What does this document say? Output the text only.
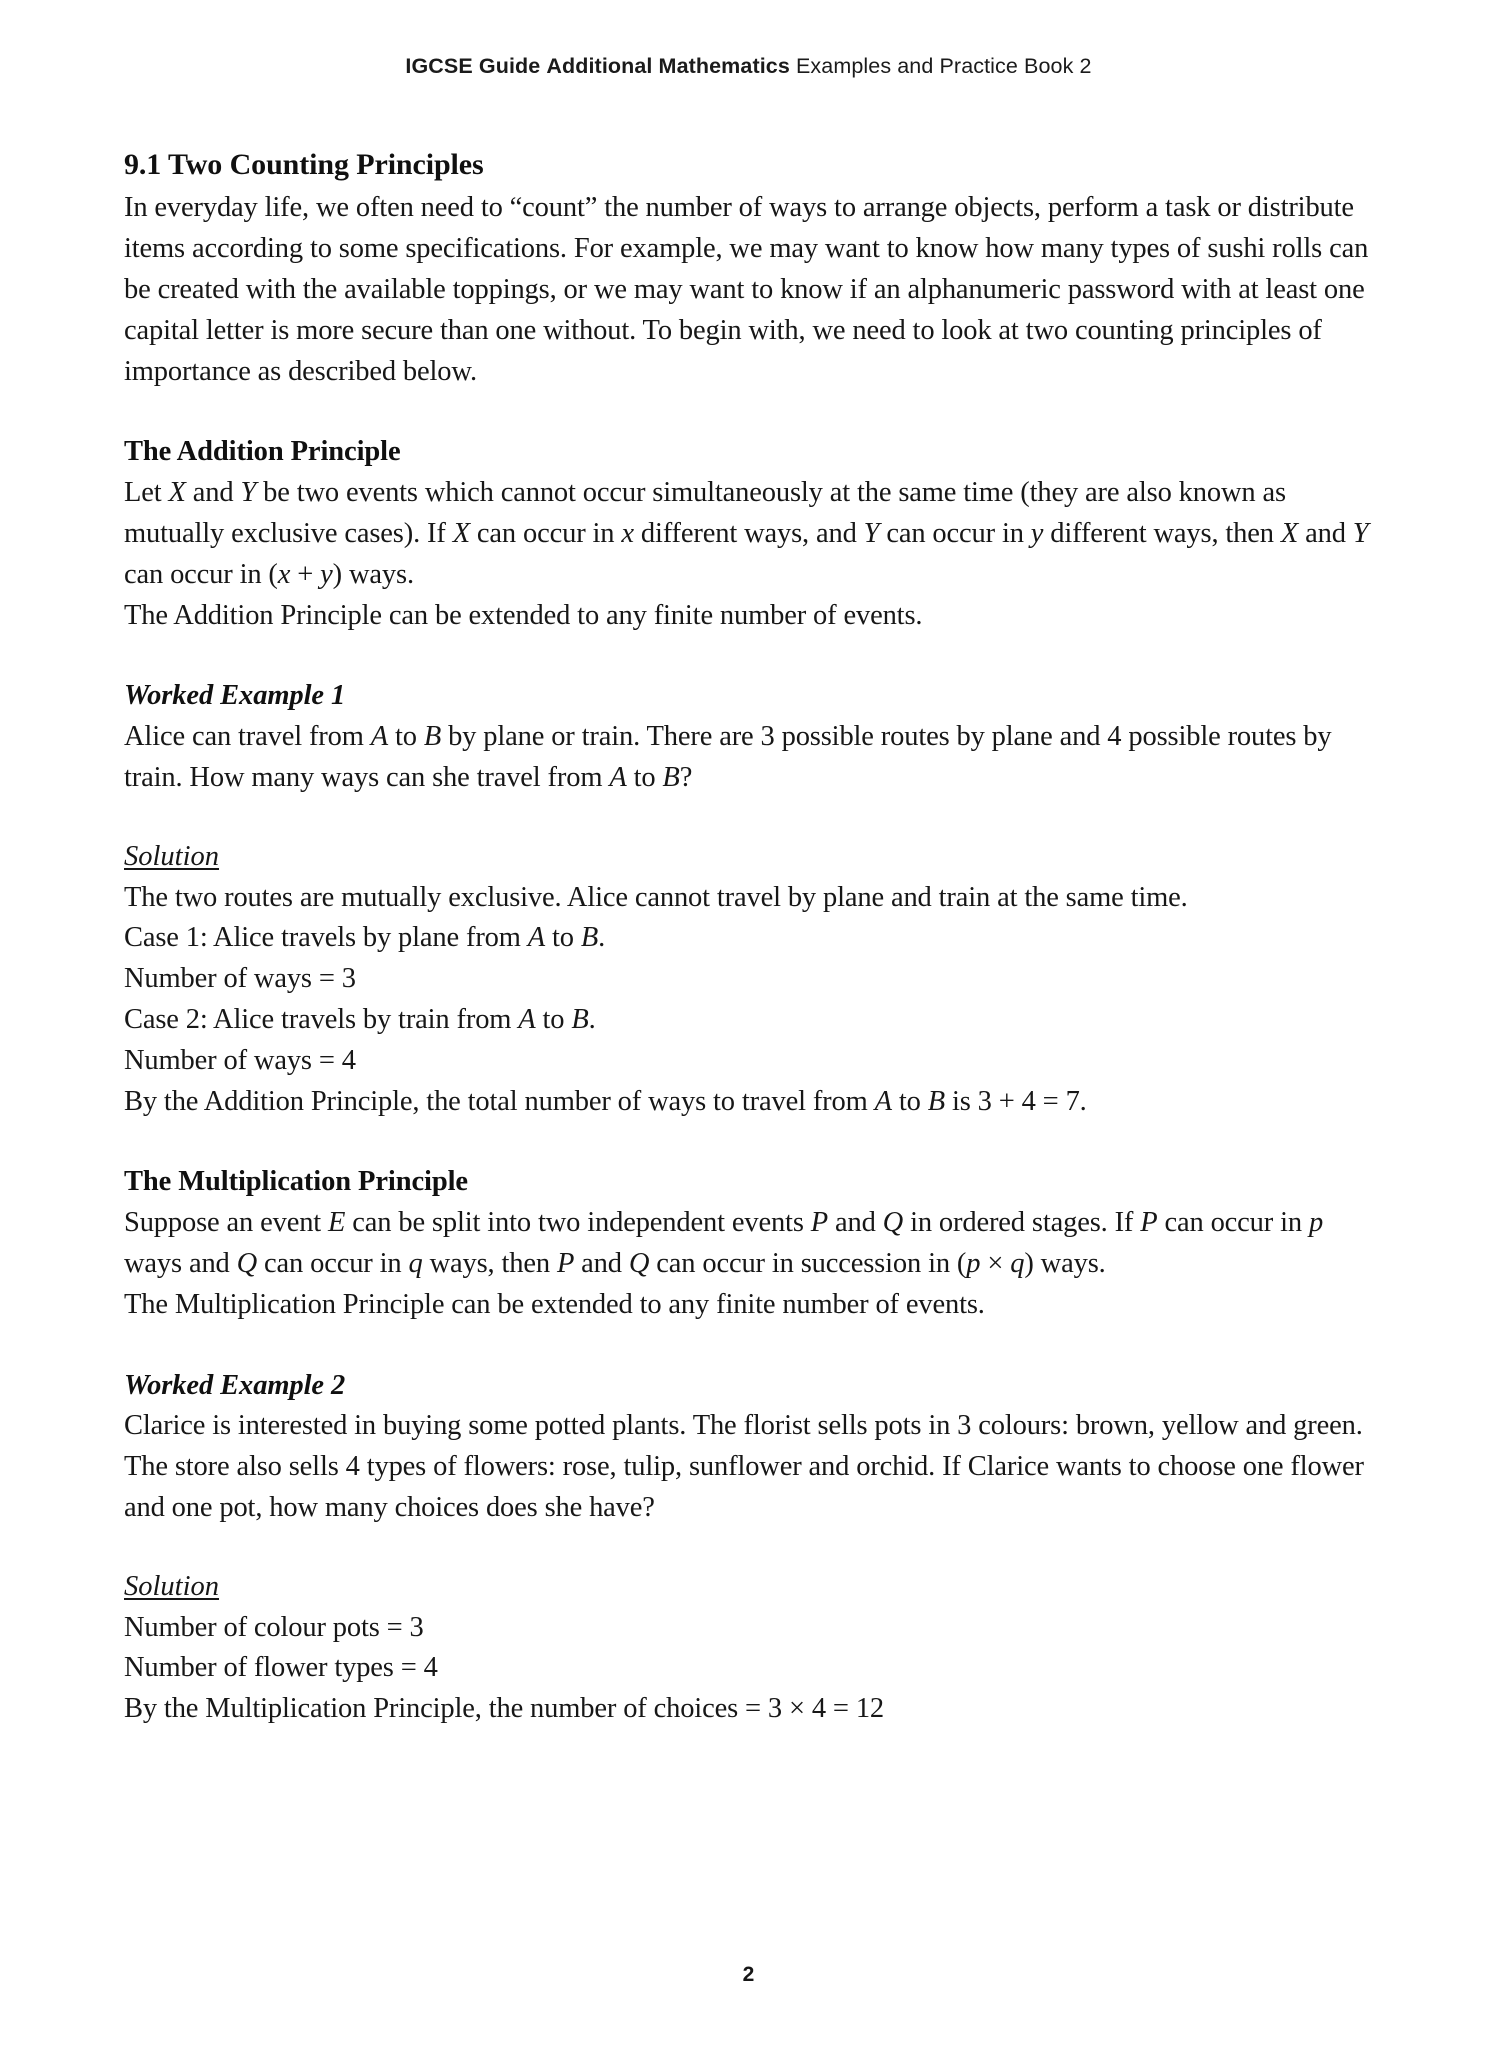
IGCSE Guide Additional Mathematics Examples and Practice Book 2
9.1 Two Counting Principles

In everyday life, we often need to “count” the number of ways to arrange objects, perform a task or distribute items according to some specifications. For example, we may want to know how many types of sushi rolls can be created with the available toppings, or we may want to know if an alphanumeric password with at least one capital letter is more secure than one without. To begin with, we need to look at two counting principles of importance as described below.

The Addition Principle
Let X and Y be two events which cannot occur simultaneously at the same time (they are also known as mutually exclusive cases). If X can occur in x different ways, and Y can occur in y different ways, then X and Y can occur in (x + y) ways.
The Addition Principle can be extended to any finite number of events.
Worked Example 1
Alice can travel from A to B by plane or train. There are 3 possible routes by plane and 4 possible routes by train. How many ways can she travel from A to B?
Solution
The two routes are mutually exclusive. Alice cannot travel by plane and train at the same time.
Case 1: Alice travels by plane from A to B.
Number of ways = 3
Case 2: Alice travels by train from A to B.
Number of ways = 4
By the Addition Principle, the total number of ways to travel from A to B is 3 + 4 = 7.
The Multiplication Principle
Suppose an event E can be split into two independent events P and Q in ordered stages. If P can occur in p ways and Q can occur in q ways, then P and Q can occur in succession in (p × q) ways.
The Multiplication Principle can be extended to any finite number of events.
Worked Example 2

Clarice is interested in buying some potted plants. The florist sells pots in 3 colours: brown, yellow and green. The store also sells 4 types of flowers: rose, tulip, sunflower and orchid. If Clarice wants to choose one flower and one pot, how many choices does she have?

Solution
Number of colour pots = 3
Number of flower types = 4
By the Multiplication Principle, the number of choices = 3 × 4 = 12
2
